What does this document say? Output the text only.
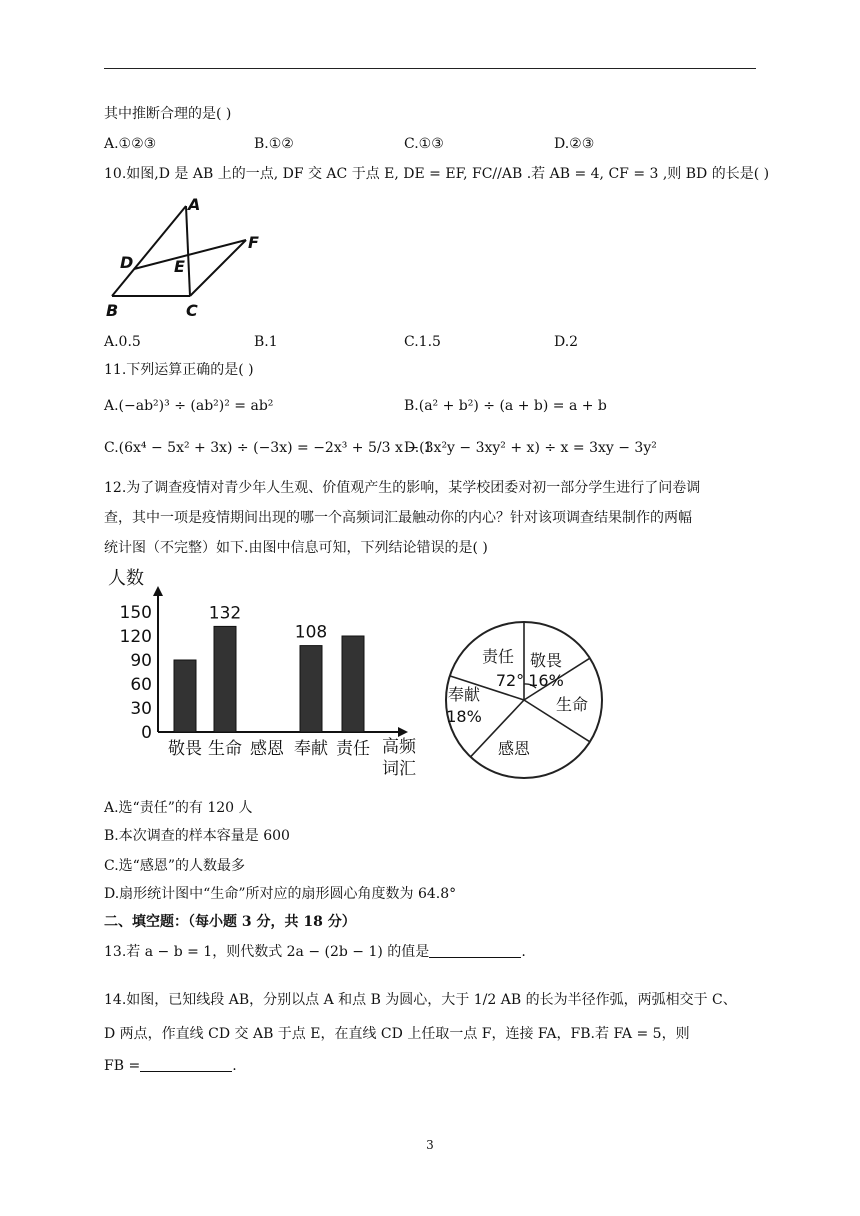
其中推断合理的是( )
A.①②③	B.①②	C.①③	D.②③
10.如图,D 是 AB 上的一点, DF 交 AC 于点 E, DE = EF, FC//AB .若 AB = 4, CF = 3 ,则 BD 的长是( )
A
B	C
D	E
F
A.0.5	B.1	C.1.5	D.2
11.下列运算正确的是( )
A.(−ab²)³ ÷ (ab²)² = ab²	B.(a² + b²) ÷ (a + b) = a + b
C.(6x⁴ − 5x² + 3x) ÷ (−3x) = −2x³ + 5/3 x − 1
D.(3x²y − 3xy² + x) ÷ x = 3xy − 3y²
12.为了调查疫情对青少年人生观、价值观产生的影响，某学校团委对初一部分学生进行了问卷调
查，其中一项是疫情期间出现的哪一个高频词汇最触动你的内心？针对该项调查结果制作的两幅
统计图（不完整）如下.由图中信息可知，下列结论错误的是( )
人数
高频
词汇
0
30
60
90
120
150	132
108
敬畏 生命 感恩 奉献 责任
敬畏
16%
生命
感恩
奉献
18%
责任
72°
A.选“责任”的有 120 人
B.本次调查的样本容量是 600
C.选“感恩”的人数最多
D.扇形统计图中“生命”所对应的扇形圆心角度数为 64.8°
二、填空题：（每小题 3 分，共 18 分）
13.若 a − b = 1，则代数式 2a − (2b − 1) 的值是	.
14.如图，已知线段 AB，分别以点 A 和点 B 为圆心，大于 1/2 AB 的长为半径作弧，两弧相交于 C、
D 两点，作直线 CD 交 AB 于点 E，在直线 CD 上任取一点 F，连接 FA，FB.若 FA = 5，则
FB =	.
3
